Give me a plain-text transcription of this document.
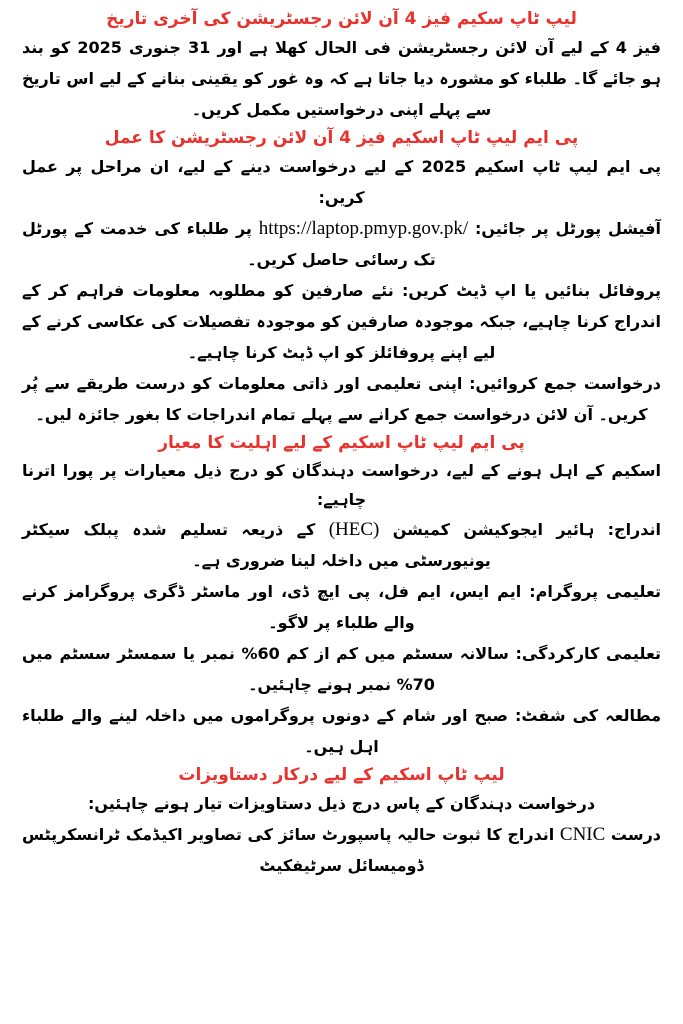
لیپ ٹاپ سکیم فیز 4 آن لائن رجسٹریشن کی آخری تاریخ

فیز 4 کے لیے آن لائن رجسٹریشن فی الحال کھلا ہے اور 31 جنوری 2025 کو بند ہو جائے گا۔ طلباء کو مشورہ دیا جاتا ہے کہ وہ غور کو یقینی بنانے کے لیے اس تاریخ سے پہلے اپنی درخواستیں مکمل کریں۔

پی ایم لیپ ٹاپ اسکیم فیز 4 آن لائن رجسٹریشن کا عمل

پی ایم لیپ ٹاپ اسکیم 2025 کے لیے درخواست دینے کے لیے، ان مراحل پر عمل کریں:

آفیشل پورٹل پر جائیں: https://laptop.pmyp.gov.pk/ پر طلباء کی خدمت کے پورٹل تک رسائی حاصل کریں۔

پروفائل بنائیں یا اپ ڈیٹ کریں: نئے صارفین کو مطلوبہ معلومات فراہم کر کے اندراج کرنا چاہیے، جبکہ موجودہ صارفین کو موجودہ تفصیلات کی عکاسی کرنے کے لیے اپنے پروفائلز کو اپ ڈیٹ کرنا چاہیے۔

درخواست جمع کروائیں: اپنی تعلیمی اور ذاتی معلومات کو درست طریقے سے پُر کریں۔ آن لائن درخواست جمع کرانے سے پہلے تمام اندراجات کا بغور جائزہ لیں۔

پی ایم لیپ ٹاپ اسکیم کے لیے اہلیت کا معیار

اسکیم کے اہل ہونے کے لیے، درخواست دہندگان کو درج ذیل معیارات پر پورا اترنا چاہیے:

اندراج: ہائیر ایجوکیشن کمیشن (HEC) کے ذریعہ تسلیم شدہ پبلک سیکٹر یونیورسٹی میں داخلہ لینا ضروری ہے۔

تعلیمی پروگرام: ایم ایس، ایم فل، پی ایچ ڈی، اور ماسٹر ڈگری پروگرامز کرنے والے طلباء پر لاگو۔

تعلیمی کارکردگی: سالانہ سسٹم میں کم از کم 60% نمبر یا سمسٹر سسٹم میں 70% نمبر ہونے چاہئیں۔

مطالعہ کی شفٹ: صبح اور شام کے دونوں پروگراموں میں داخلہ لینے والے طلباء اہل ہیں۔

لیپ ٹاپ اسکیم کے لیے درکار دستاویزات

درخواست دہندگان کے پاس درج ذیل دستاویزات تیار ہونے چاہئیں:

درست CNIC اندراج کا ثبوت حالیہ پاسپورٹ سائز کی تصاویر اکیڈمک ٹرانسکرپٹس ڈومیسائل سرٹیفکیٹ
